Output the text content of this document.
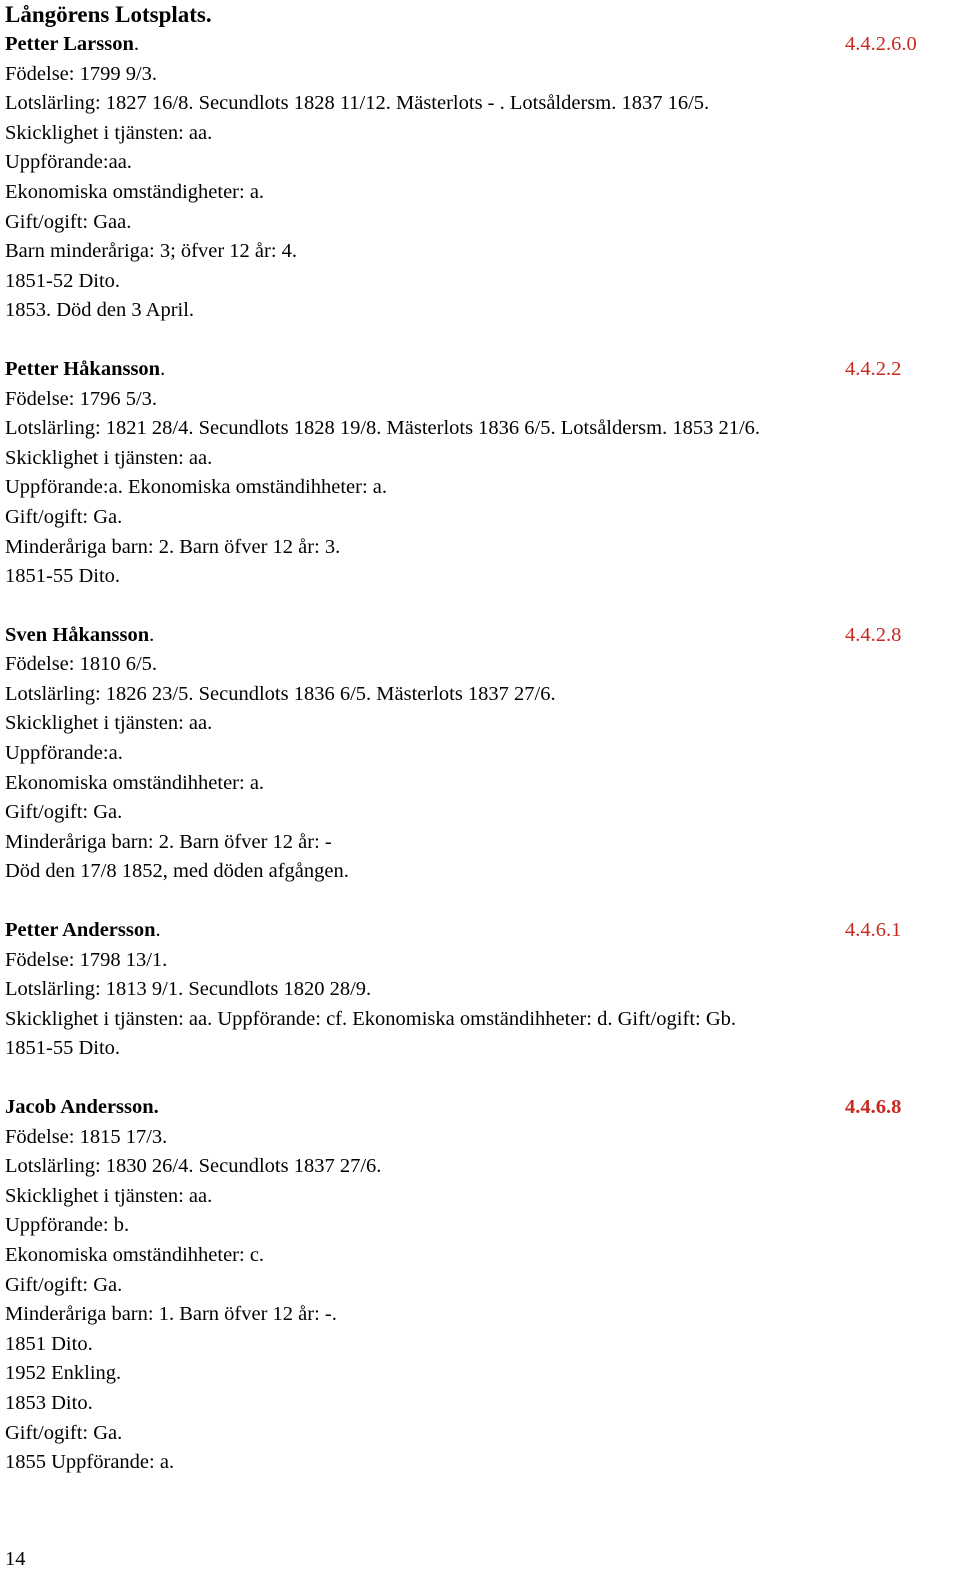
Långörens Lotsplats.
Petter Larsson.	4.4.2.6.0
Födelse: 1799 9/3.
Lotslärling: 1827 16/8. Secundlots 1828 11/12. Mästerlots - . Lotsåldersm. 1837 16/5.
Skicklighet i tjänsten: aa.
Uppförande:aa.
Ekonomiska omständigheter: a.
Gift/ogift: Gaa.
Barn minderåriga: 3; öfver 12 år: 4.
1851-52 Dito.
1853. Död den 3 April.
Petter Håkansson.	4.4.2.2
Födelse: 1796 5/3.
Lotslärling: 1821 28/4. Secundlots 1828 19/8. Mästerlots 1836 6/5. Lotsåldersm. 1853 21/6.
Skicklighet i tjänsten: aa.
Uppförande:a. Ekonomiska omständihheter: a.
Gift/ogift: Ga.
Minderåriga barn: 2. Barn öfver 12 år: 3.
1851-55 Dito.
Sven Håkansson.	4.4.2.8
Födelse: 1810 6/5.
Lotslärling: 1826 23/5. Secundlots 1836 6/5. Mästerlots 1837 27/6.
Skicklighet i tjänsten: aa.
Uppförande:a.
Ekonomiska omständihheter: a.
Gift/ogift: Ga.
Minderåriga barn: 2. Barn öfver 12 år: -
Död den 17/8 1852, med döden afgången.
Petter Andersson.	4.4.6.1
Födelse: 1798 13/1.
Lotslärling: 1813 9/1. Secundlots 1820 28/9.
Skicklighet i tjänsten: aa. Uppförande: cf. Ekonomiska omständihheter: d. Gift/ogift: Gb.
1851-55 Dito.
Jacob Andersson.	4.4.6.8
Födelse: 1815 17/3.
Lotslärling: 1830 26/4. Secundlots 1837 27/6.
Skicklighet i tjänsten: aa.
Uppförande: b.
Ekonomiska omständihheter: c.
Gift/ogift: Ga.
Minderåriga barn: 1. Barn öfver 12 år: -.
1851 Dito.
1952 Enkling.
1853 Dito.
Gift/ogift: Ga.
1855 Uppförande: a.
14
